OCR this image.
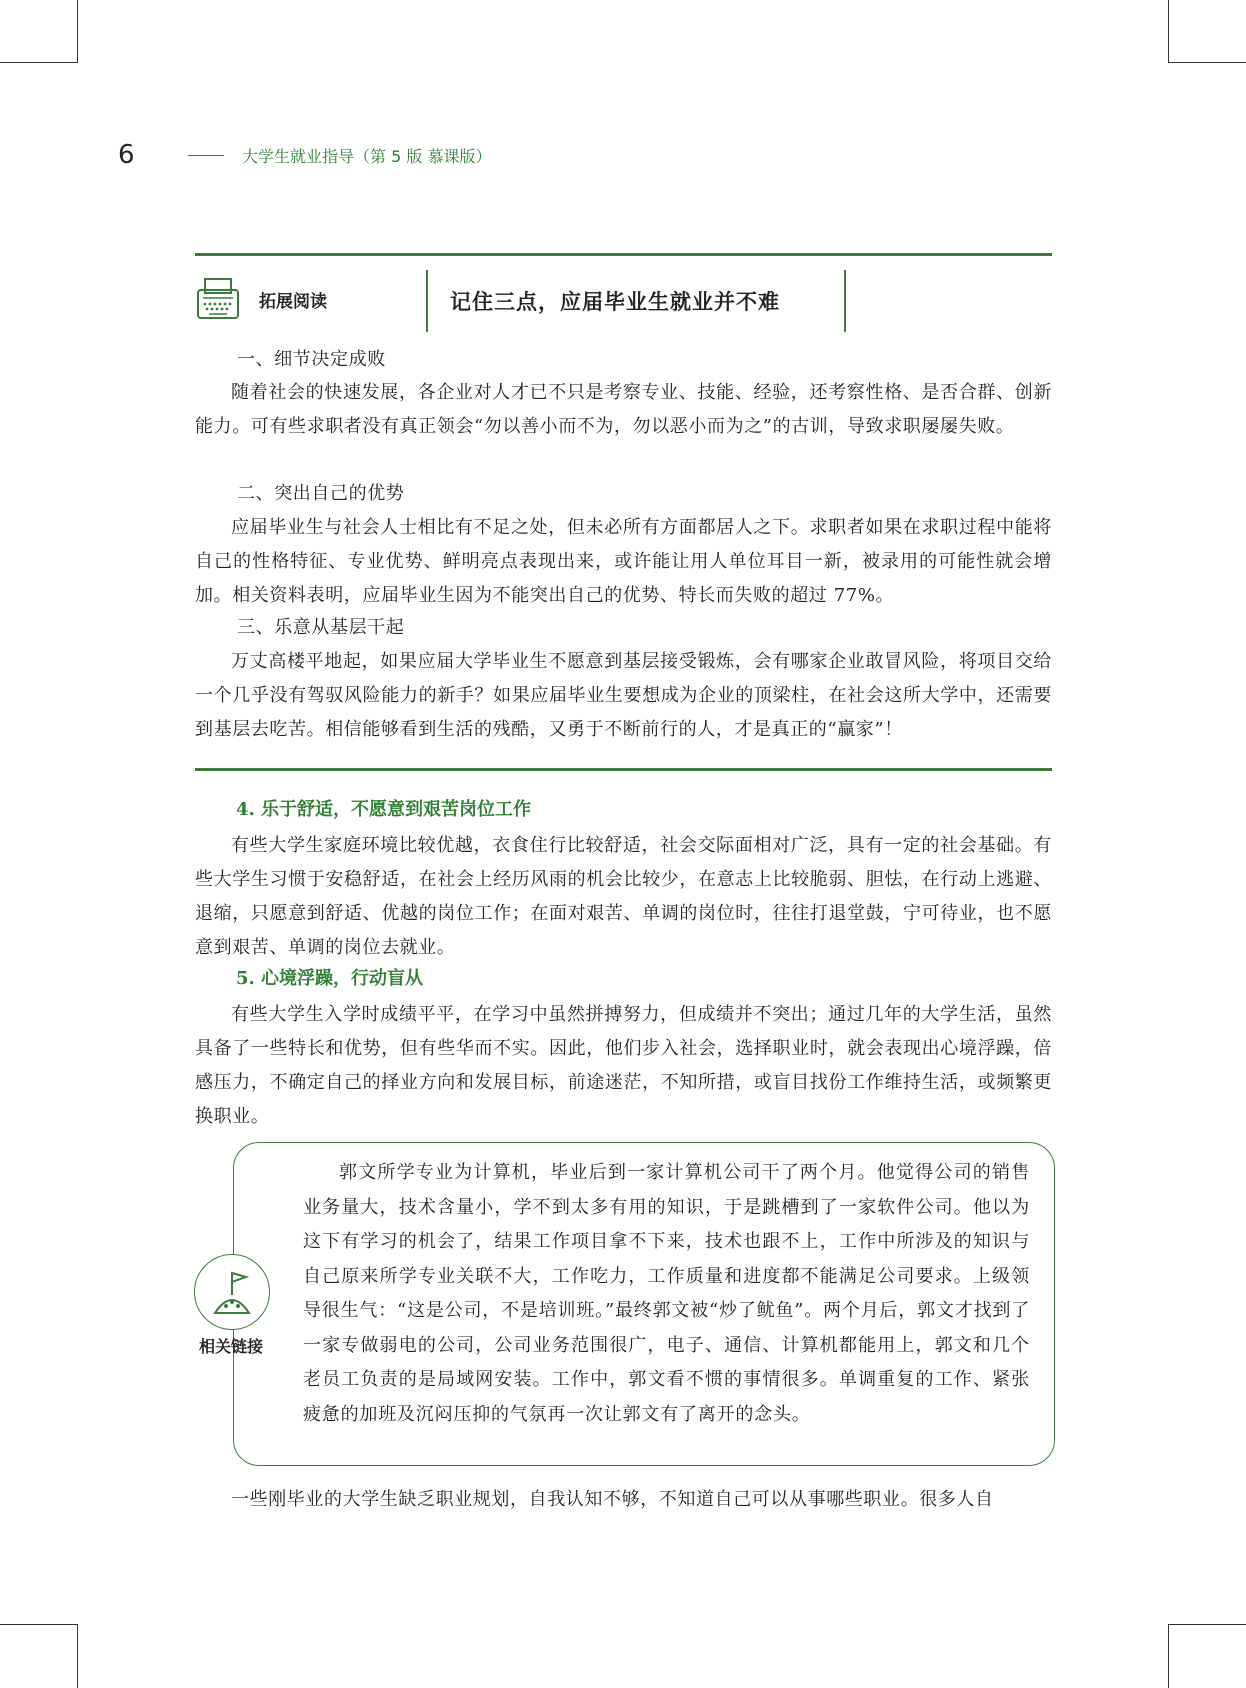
6	大学生就业指导（第 5 版 慕课版）
拓展阅读	记住三点，应届毕业生就业并不难
一、细节决定成败
随着社会的快速发展，各企业对人才已不只是考察专业、技能、经验，还考察性格、是否合群、创新能力。可有些求职者没有真正领会“勿以善小而不为，勿以恶小而为之”的古训，导致求职屡屡失败。
二、突出自己的优势
应届毕业生与社会人士相比有不足之处，但未必所有方面都居人之下。求职者如果在求职过程中能将自己的性格特征、专业优势、鲜明亮点表现出来，或许能让用人单位耳目一新，被录用的可能性就会增加。相关资料表明，应届毕业生因为不能突出自己的优势、特长而失败的超过 77%。
三、乐意从基层干起
万丈高楼平地起，如果应届大学毕业生不愿意到基层接受锻炼，会有哪家企业敢冒风险，将项目交给一个几乎没有驾驭风险能力的新手？如果应届毕业生要想成为企业的顶梁柱，在社会这所大学中，还需要到基层去吃苦。相信能够看到生活的残酷，又勇于不断前行的人，才是真正的“赢家”！
4. 乐于舒适，不愿意到艰苦岗位工作
有些大学生家庭环境比较优越，衣食住行比较舒适，社会交际面相对广泛，具有一定的社会基础。有些大学生习惯于安稳舒适，在社会上经历风雨的机会比较少，在意志上比较脆弱、胆怯，在行动上逃避、退缩，只愿意到舒适、优越的岗位工作；在面对艰苦、单调的岗位时，往往打退堂鼓，宁可待业，也不愿意到艰苦、单调的岗位去就业。
5. 心境浮躁，行动盲从
有些大学生入学时成绩平平，在学习中虽然拼搏努力，但成绩并不突出；通过几年的大学生活，虽然具备了一些特长和优势，但有些华而不实。因此，他们步入社会，选择职业时，就会表现出心境浮躁，倍感压力，不确定自己的择业方向和发展目标，前途迷茫，不知所措，或盲目找份工作维持生活，或频繁更换职业。
相关链接
郭文所学专业为计算机，毕业后到一家计算机公司干了两个月。他觉得公司的销售业务量大，技术含量小，学不到太多有用的知识，于是跳槽到了一家软件公司。他以为这下有学习的机会了，结果工作项目拿不下来，技术也跟不上，工作中所涉及的知识与自己原来所学专业关联不大，工作吃力，工作质量和进度都不能满足公司要求。上级领导很生气：“这是公司，不是培训班。”最终郭文被“炒了鱿鱼”。两个月后，郭文才找到了一家专做弱电的公司，公司业务范围很广，电子、通信、计算机都能用上，郭文和几个老员工负责的是局域网安装。工作中，郭文看不惯的事情很多。单调重复的工作、紧张疲惫的加班及沉闷压抑的气氛再一次让郭文有了离开的念头。
一些刚毕业的大学生缺乏职业规划，自我认知不够，不知道自己可以从事哪些职业。很多人自
